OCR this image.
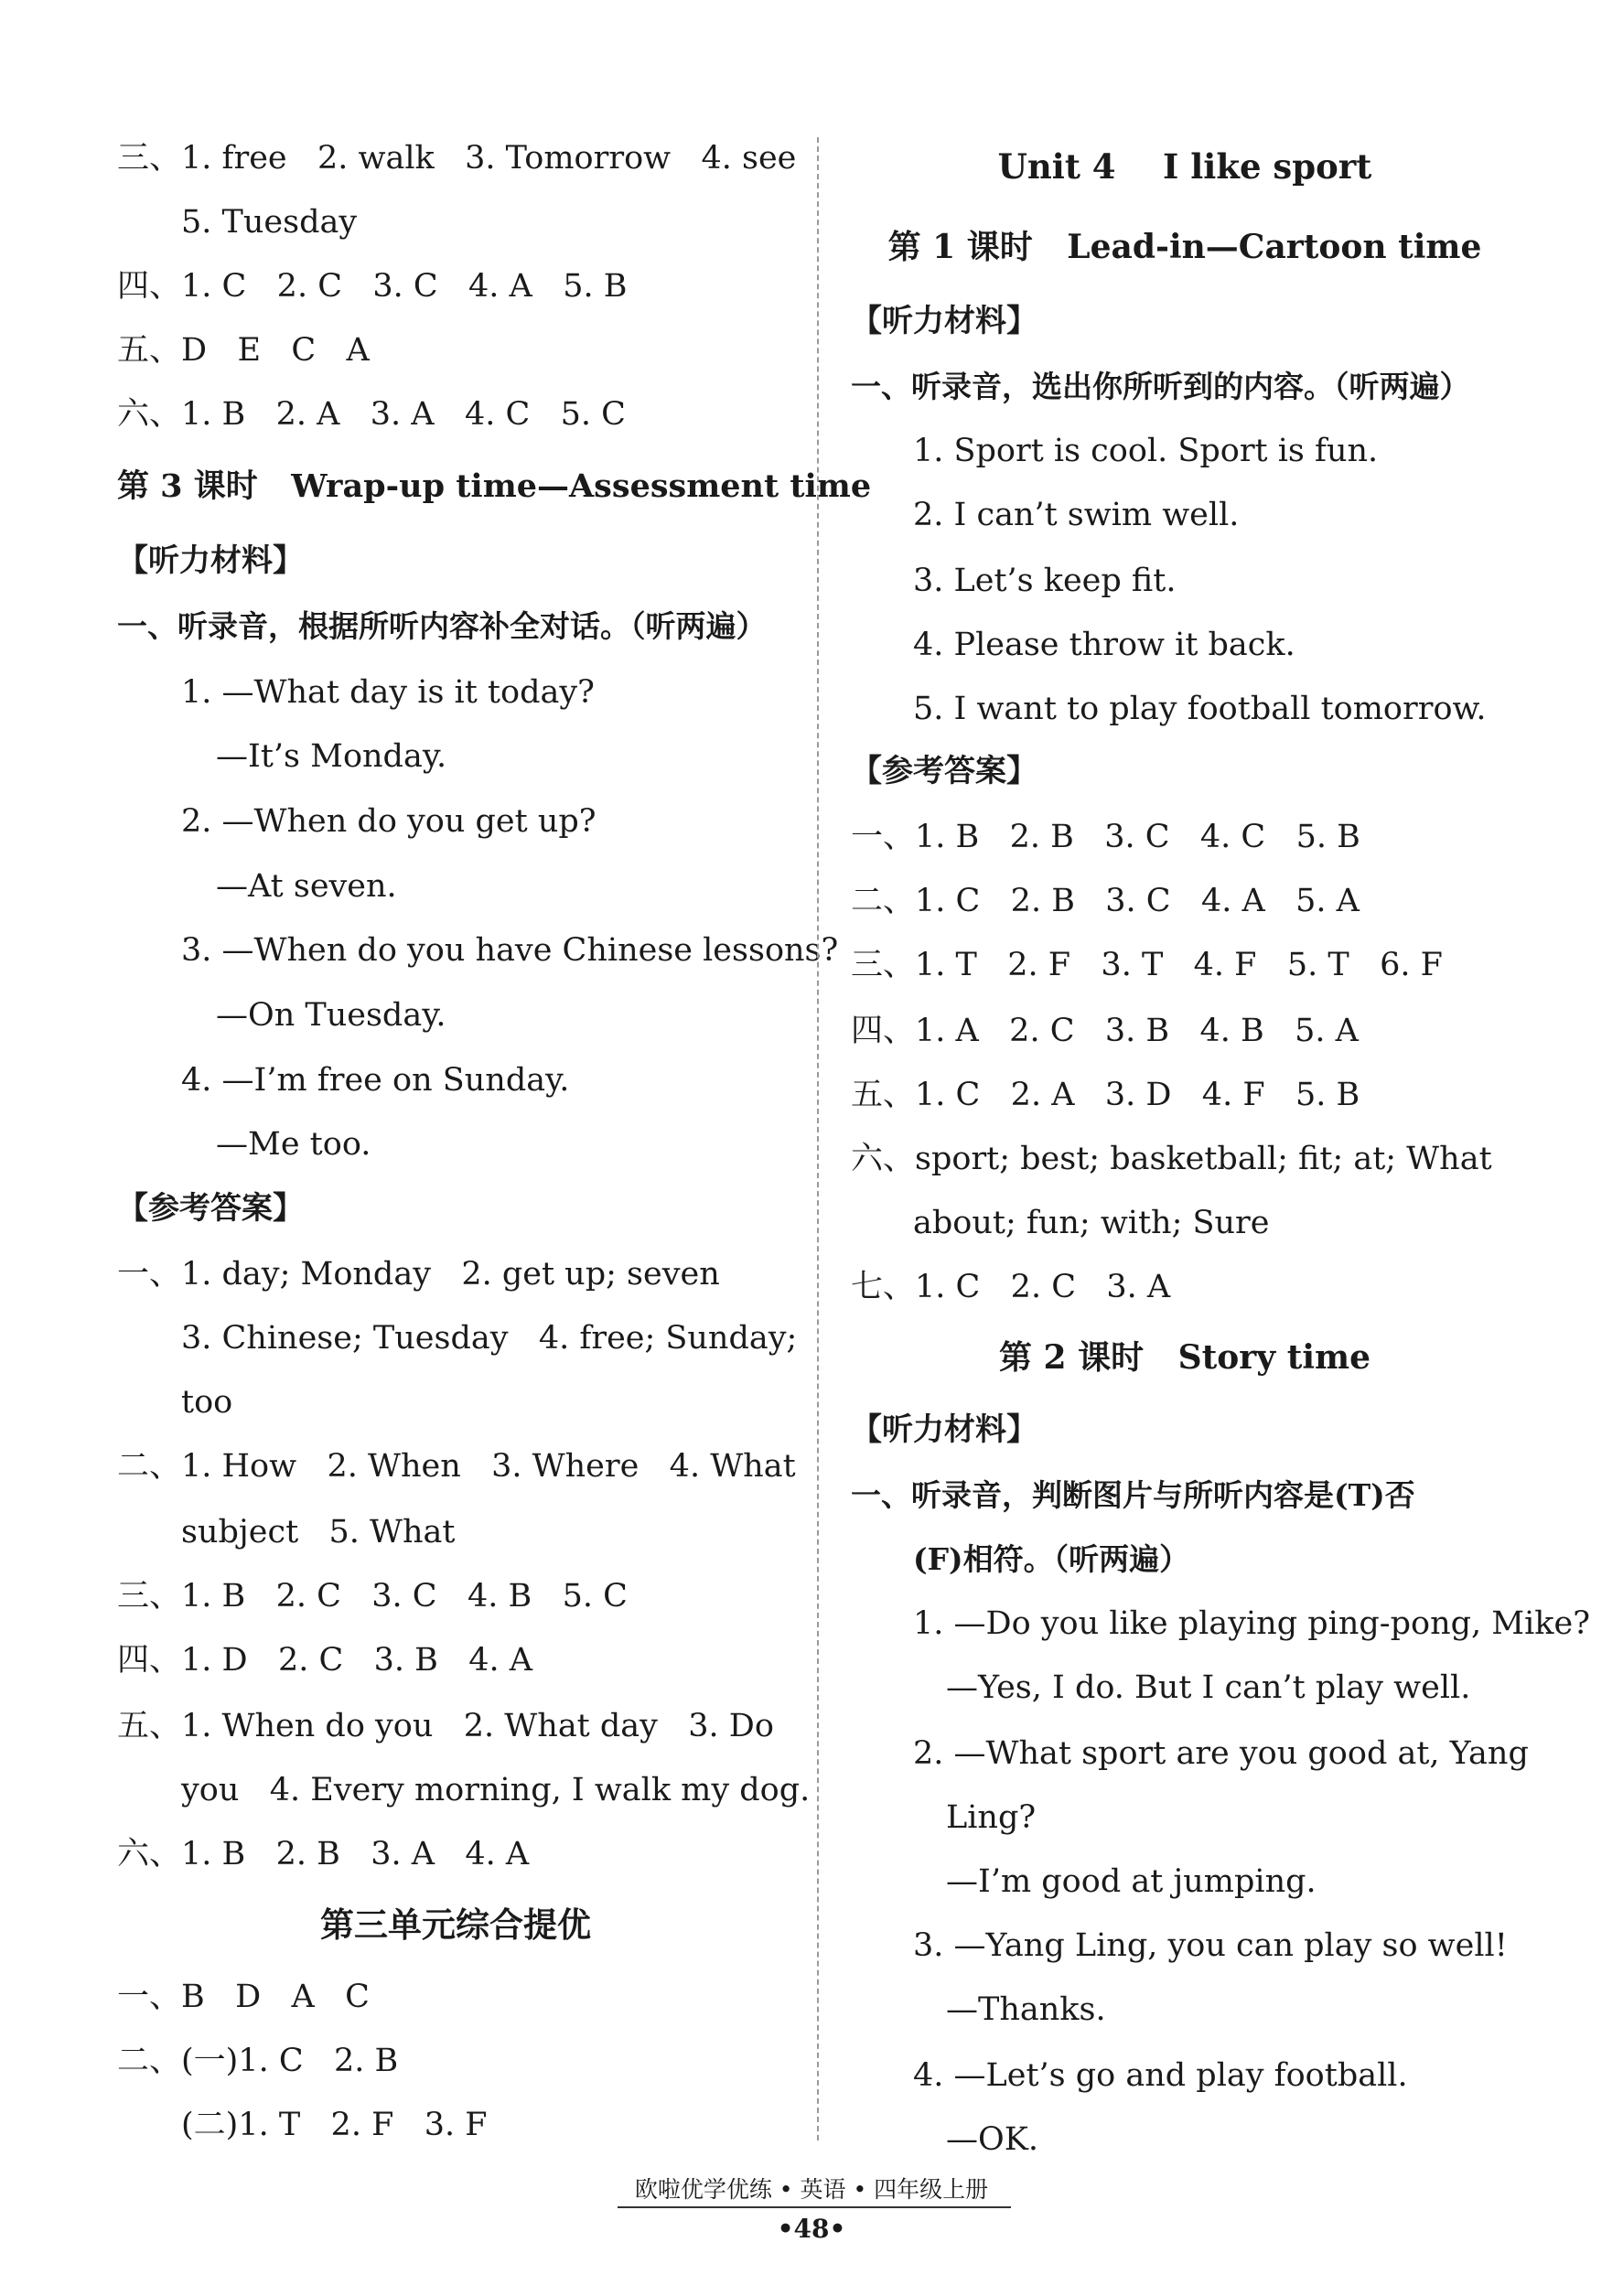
三、1. free   2. walk   3. Tomorrow   4. see
5. Tuesday
四、1. C   2. C   3. C   4. A   5. B
五、D   E   C   A
六、1. B   2. A   3. A   4. C   5. C
第 3 课时   Wrap-up time—Assessment time
【听力材料】
一、听录音，根据所听内容补全对话。（听两遍）
1. —What day is it today?
—It’s Monday.
2. —When do you get up?
—At seven.
3. —When do you have Chinese lessons?
—On Tuesday.
4. —I’m free on Sunday.
—Me too.
【参考答案】
一、1. day; Monday   2. get up; seven
3. Chinese; Tuesday   4. free; Sunday;
too
二、1. How   2. When   3. Where   4. What
subject   5. What
三、1. B   2. C   3. C   4. B   5. C
四、1. D   2. C   3. B   4. A
五、1. When do you   2. What day   3. Do
you   4. Every morning, I walk my dog.
六、1. B   2. B   3. A   4. A
第三单元综合提优
一、B   D   A   C
二、(一)1. C   2. B
(二)1. T   2. F   3. F
Unit 4    I like sport
第 1 课时   Lead-in—Cartoon time
【听力材料】
一、听录音，选出你所听到的内容。（听两遍）
1. Sport is cool. Sport is fun.
2. I can’t swim well.
3. Let’s keep fit.
4. Please throw it back.
5. I want to play football tomorrow.
【参考答案】
一、1. B   2. B   3. C   4. C   5. B
二、1. C   2. B   3. C   4. A   5. A
三、1. T   2. F   3. T   4. F   5. T   6. F
四、1. A   2. C   3. B   4. B   5. A
五、1. C   2. A   3. D   4. F   5. B
六、sport; best; basketball; fit; at; What
about; fun; with; Sure
七、1. C   2. C   3. A
第 2 课时   Story time
【听力材料】
一、听录音，判断图片与所听内容是(T)否
(F)相符。（听两遍）
1. —Do you like playing ping-pong, Mike?
—Yes, I do. But I can’t play well.
2. —What sport are you good at, Yang
Ling?
—I’m good at jumping.
3. —Yang Ling, you can play so well!
—Thanks.
4. —Let’s go and play football.
—OK.
欧啦优学优练 • 英语 • 四年级上册
•48•
